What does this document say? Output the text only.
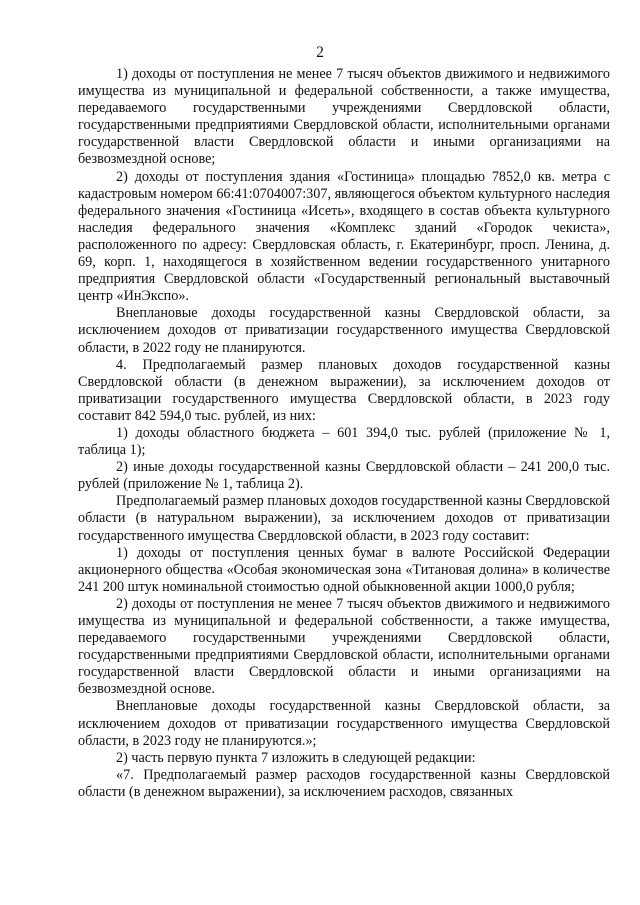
2

1) доходы от поступления не менее 7 тысяч объектов движимого и недвижимого имущества из муниципальной и федеральной собственности, а также имущества, передаваемого государственными учреждениями Свердловской области, государственными предприятиями Свердловской области, исполнительными органами государственной власти Свердловской области и иными организациями на безвозмездной основе;

2) доходы от поступления здания «Гостиница» площадью 7852,0 кв. метра с кадастровым номером 66:41:0704007:307, являющегося объектом культурного наследия федерального значения «Гостиница «Исеть», входящего в состав объекта культурного наследия федерального значения «Комплекс зданий «Городок чекиста», расположенного по адресу: Свердловская область, г. Екатеринбург, просп. Ленина, д. 69, корп. 1, находящегося в хозяйственном ведении государственного унитарного предприятия Свердловской области «Государственный региональный выставочный центр «ИнЭкспо».

Внеплановые доходы государственной казны Свердловской области, за исключением доходов от приватизации государственного имущества Свердловской области, в 2022 году не планируются.

4. Предполагаемый размер плановых доходов государственной казны Свердловской области (в денежном выражении), за исключением доходов от приватизации государственного имущества Свердловской области, в 2023 году составит 842 594,0 тыс. рублей, из них:

1) доходы областного бюджета – 601 394,0 тыс. рублей (приложение № 1, таблица 1);

2) иные доходы государственной казны Свердловской области – 241 200,0 тыс. рублей (приложение № 1, таблица 2).

Предполагаемый размер плановых доходов государственной казны Свердловской области (в натуральном выражении), за исключением доходов от приватизации государственного имущества Свердловской области, в 2023 году составит:

1) доходы от поступления ценных бумаг в валюте Российской Федерации акционерного общества «Особая экономическая зона «Титановая долина» в количестве 241 200 штук номинальной стоимостью одной обыкновенной акции 1000,0 рубля;

2) доходы от поступления не менее 7 тысяч объектов движимого и недвижимого имущества из муниципальной и федеральной собственности, а также имущества, передаваемого государственными учреждениями Свердловской области, государственными предприятиями Свердловской области, исполнительными органами государственной власти Свердловской области и иными организациями на безвозмездной основе.

Внеплановые доходы государственной казны Свердловской области, за исключением доходов от приватизации государственного имущества Свердловской области, в 2023 году не планируются.»;

2) часть первую пункта 7 изложить в следующей редакции:

«7. Предполагаемый размер расходов государственной казны Свердловской области (в денежном выражении), за исключением расходов, связанных
